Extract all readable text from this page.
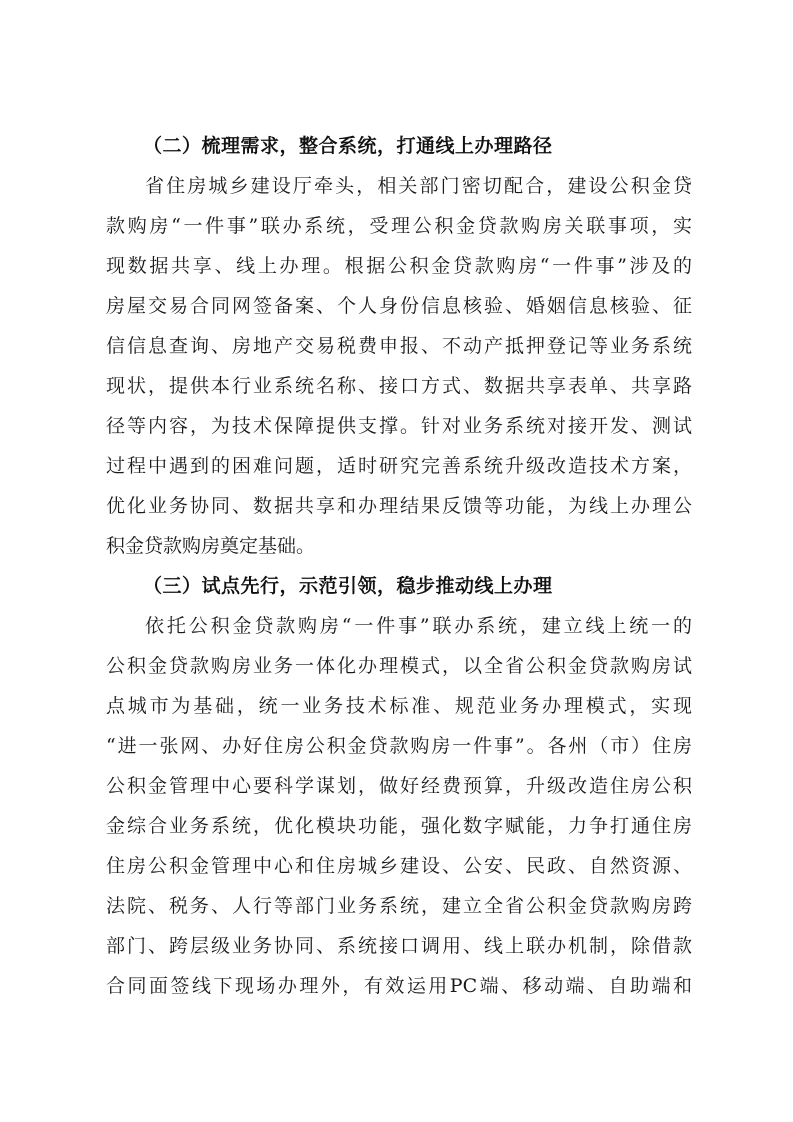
（二）梳理需求，整合系统，打通线上办理路径
省住房城乡建设厅牵头，相关部门密切配合，建设公积金贷
款购房“一件事”联办系统，受理公积金贷款购房关联事项，实
现数据共享、线上办理。根据公积金贷款购房“一件事”涉及的
房屋交易合同网签备案、个人身份信息核验、婚姻信息核验、征
信信息查询、房地产交易税费申报、不动产抵押登记等业务系统
现状，提供本行业系统名称、接口方式、数据共享表单、共享路
径等内容，为技术保障提供支撑。针对业务系统对接开发、测试
过程中遇到的困难问题，适时研究完善系统升级改造技术方案，
优化业务协同、数据共享和办理结果反馈等功能，为线上办理公
积金贷款购房奠定基础。
（三）试点先行，示范引领，稳步推动线上办理
依托公积金贷款购房“一件事”联办系统，建立线上统一的
公积金贷款购房业务一体化办理模式，以全省公积金贷款购房试
点城市为基础，统一业务技术标准、规范业务办理模式，实现
“进一张网、办好住房公积金贷款购房一件事”。各州（市）住房
公积金管理中心要科学谋划，做好经费预算，升级改造住房公积
金综合业务系统，优化模块功能，强化数字赋能，力争打通住房
住房公积金管理中心和住房城乡建设、公安、民政、自然资源、
法院、税务、人行等部门业务系统，建立全省公积金贷款购房跨
部门、跨层级业务协同、系统接口调用、线上联办机制，除借款
合同面签线下现场办理外，有效运用PC端、移动端、自助端和
